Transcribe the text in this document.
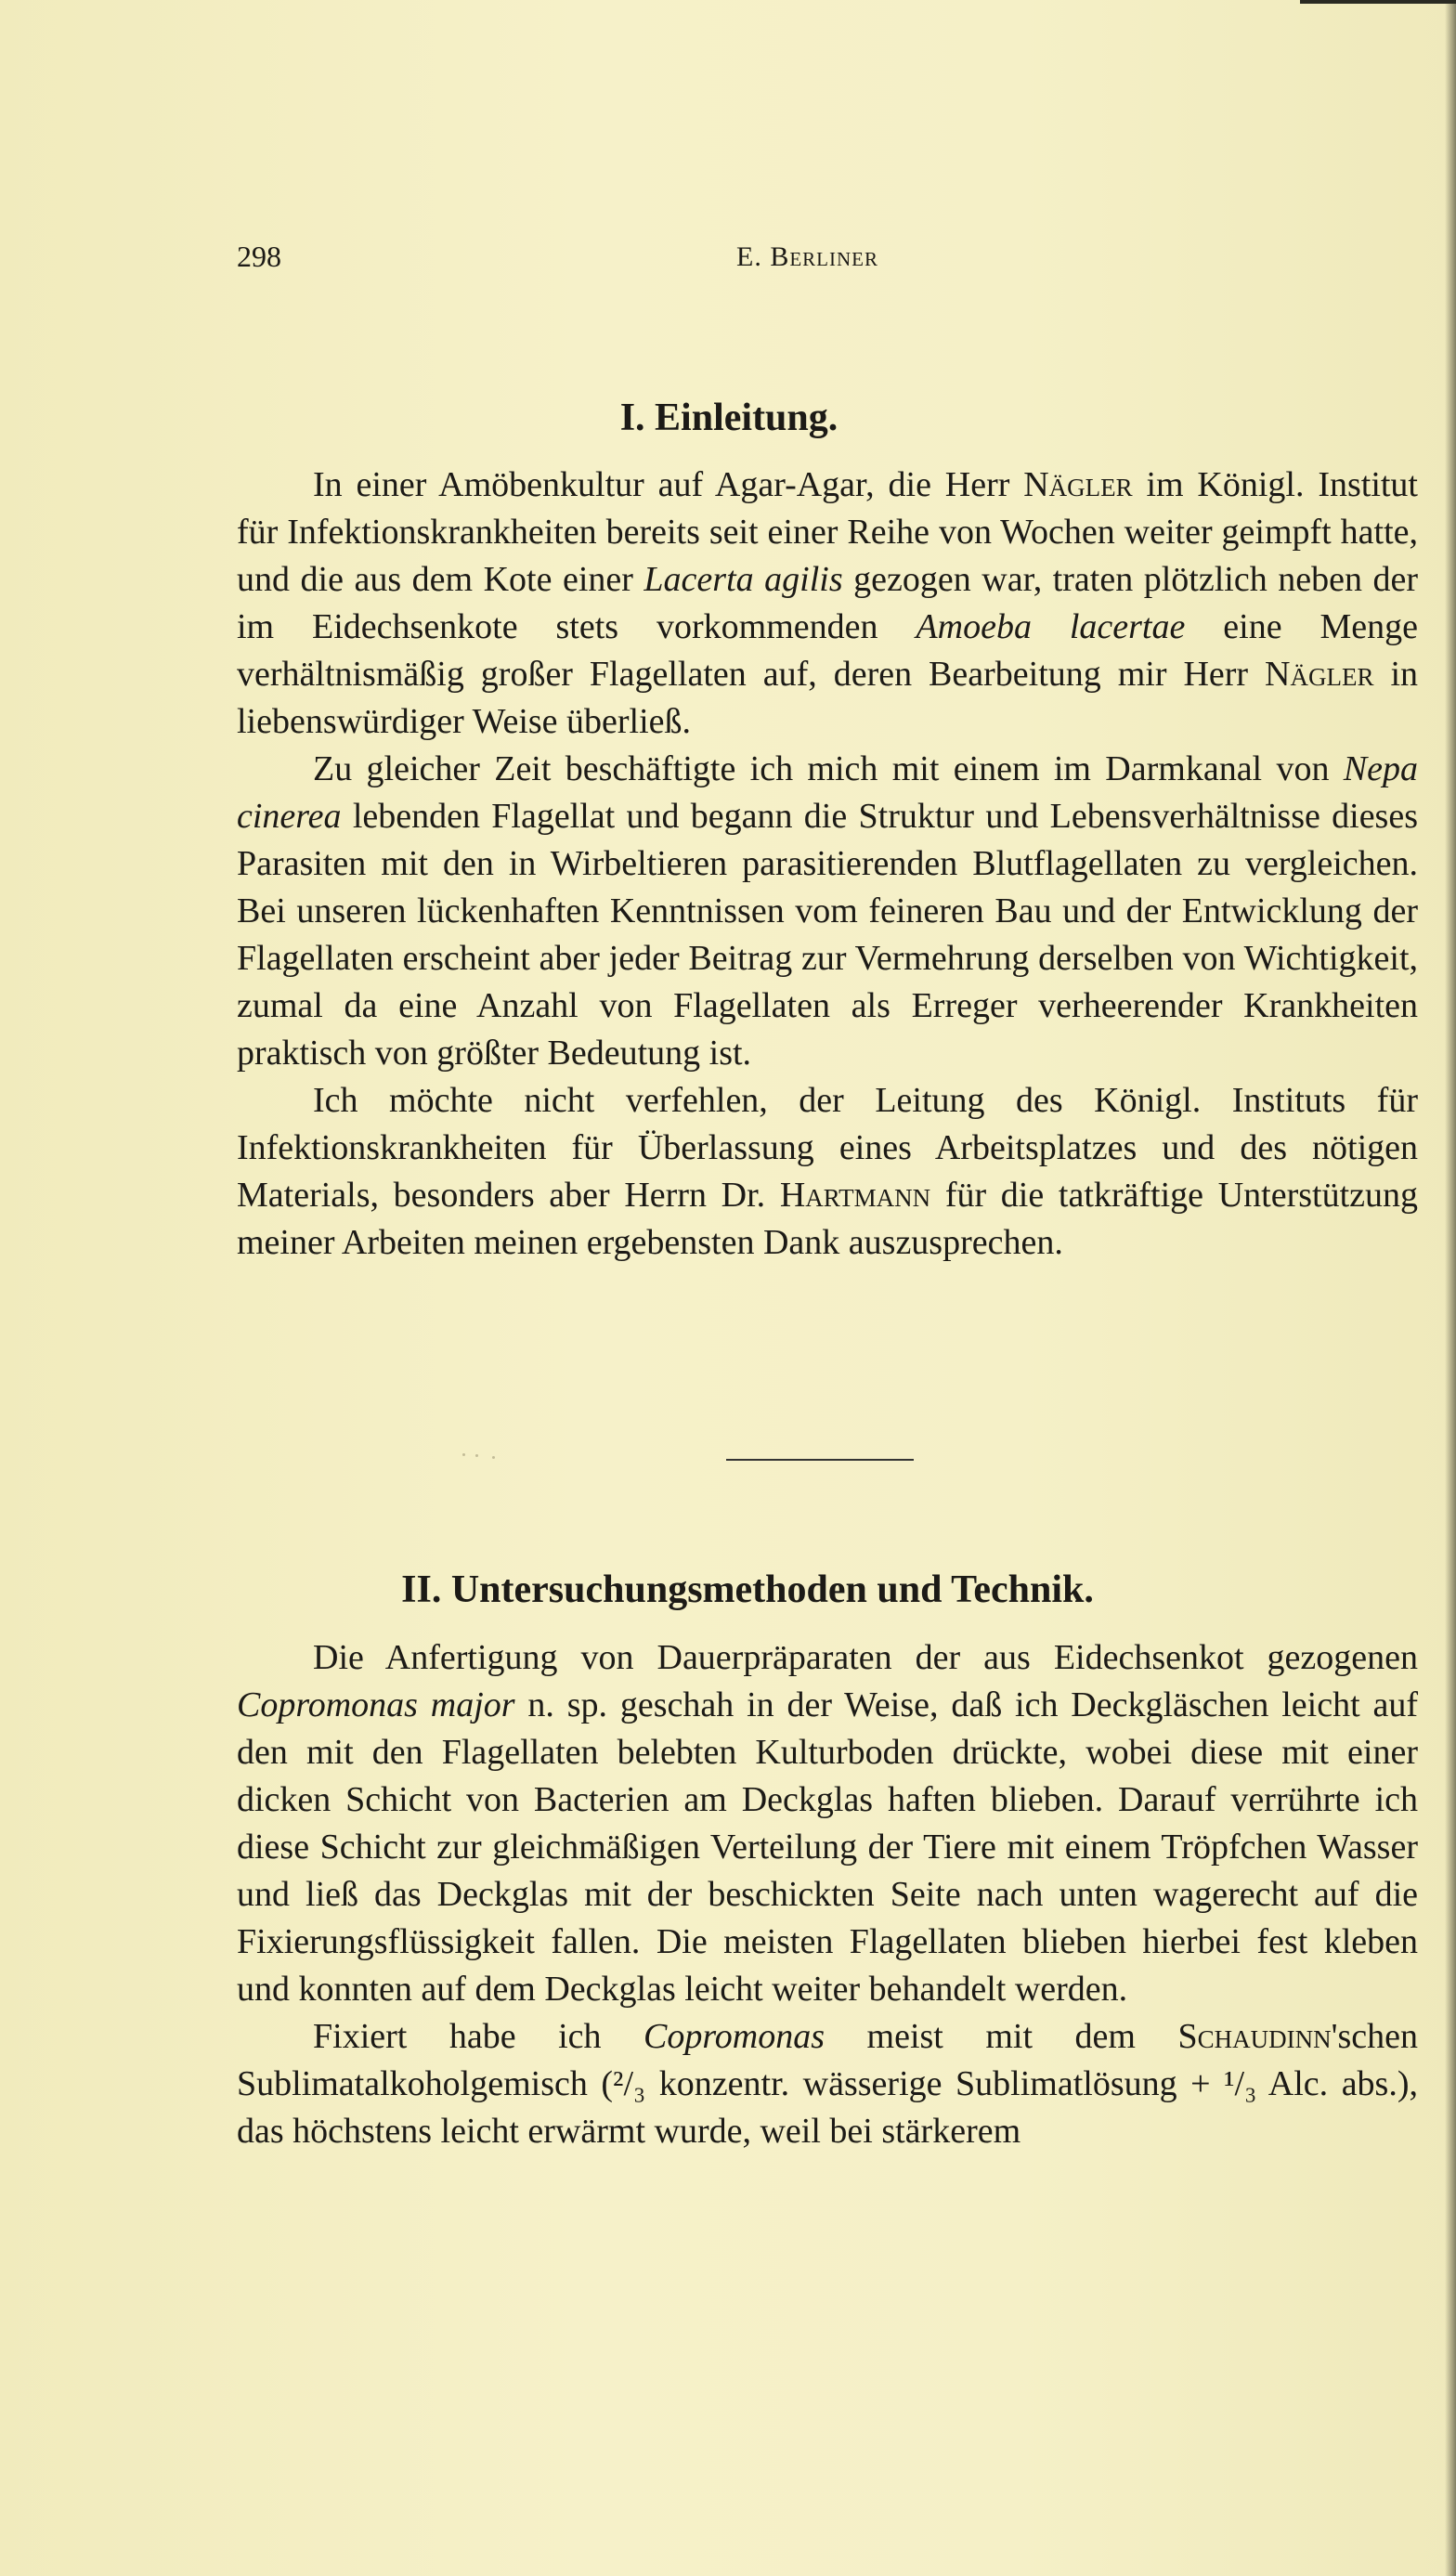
298	E. Berliner
I. Einleitung.

In einer Amöbenkultur auf Agar-Agar, die Herr Nägler im Königl. Institut für Infektionskrankheiten bereits seit einer Reihe von Wochen weiter geimpft hatte, und die aus dem Kote einer Lacerta agilis gezogen war, traten plötzlich neben der im Eidechsenkote stets vorkommenden Amoeba lacertae eine Menge verhältnismäßig großer Flagellaten auf, deren Bearbeitung mir Herr Nägler in liebenswürdiger Weise überließ.

Zu gleicher Zeit beschäftigte ich mich mit einem im Darmkanal von Nepa cinerea lebenden Flagellat und begann die Struktur und Lebensverhältnisse dieses Parasiten mit den in Wirbeltieren parasitierenden Blutflagellaten zu vergleichen. Bei unseren lückenhaften Kenntnissen vom feineren Bau und der Entwicklung der Flagellaten erscheint aber jeder Beitrag zur Vermehrung derselben von Wichtigkeit, zumal da eine Anzahl von Flagellaten als Erreger verheerender Krankheiten praktisch von größter Bedeutung ist.

Ich möchte nicht verfehlen, der Leitung des Königl. Instituts für Infektionskrankheiten für Überlassung eines Arbeitsplatzes und des nötigen Materials, besonders aber Herrn Dr. Hartmann für die tatkräftige Unterstützung meiner Arbeiten meinen ergebensten Dank auszusprechen.

II. Untersuchungsmethoden und Technik.

Die Anfertigung von Dauerpräparaten der aus Eidechsenkot gezogenen Copromonas major n. sp. geschah in der Weise, daß ich Deckgläschen leicht auf den mit den Flagellaten belebten Kulturboden drückte, wobei diese mit einer dicken Schicht von Bacterien am Deckglas haften blieben. Darauf verrührte ich diese Schicht zur gleichmäßigen Verteilung der Tiere mit einem Tröpfchen Wasser und ließ das Deckglas mit der beschickten Seite nach unten wagerecht auf die Fixierungsflüssigkeit fallen. Die meisten Flagellaten blieben hierbei fest kleben und konnten auf dem Deckglas leicht weiter behandelt werden.

Fixiert habe ich Copromonas meist mit dem Schaudinn'schen Sublimatalkoholgemisch (²/₃ konzentr. wässerige Sublimatlösung + ¹/₃ Alc. abs.), das höchstens leicht erwärmt wurde, weil bei stärkerem
